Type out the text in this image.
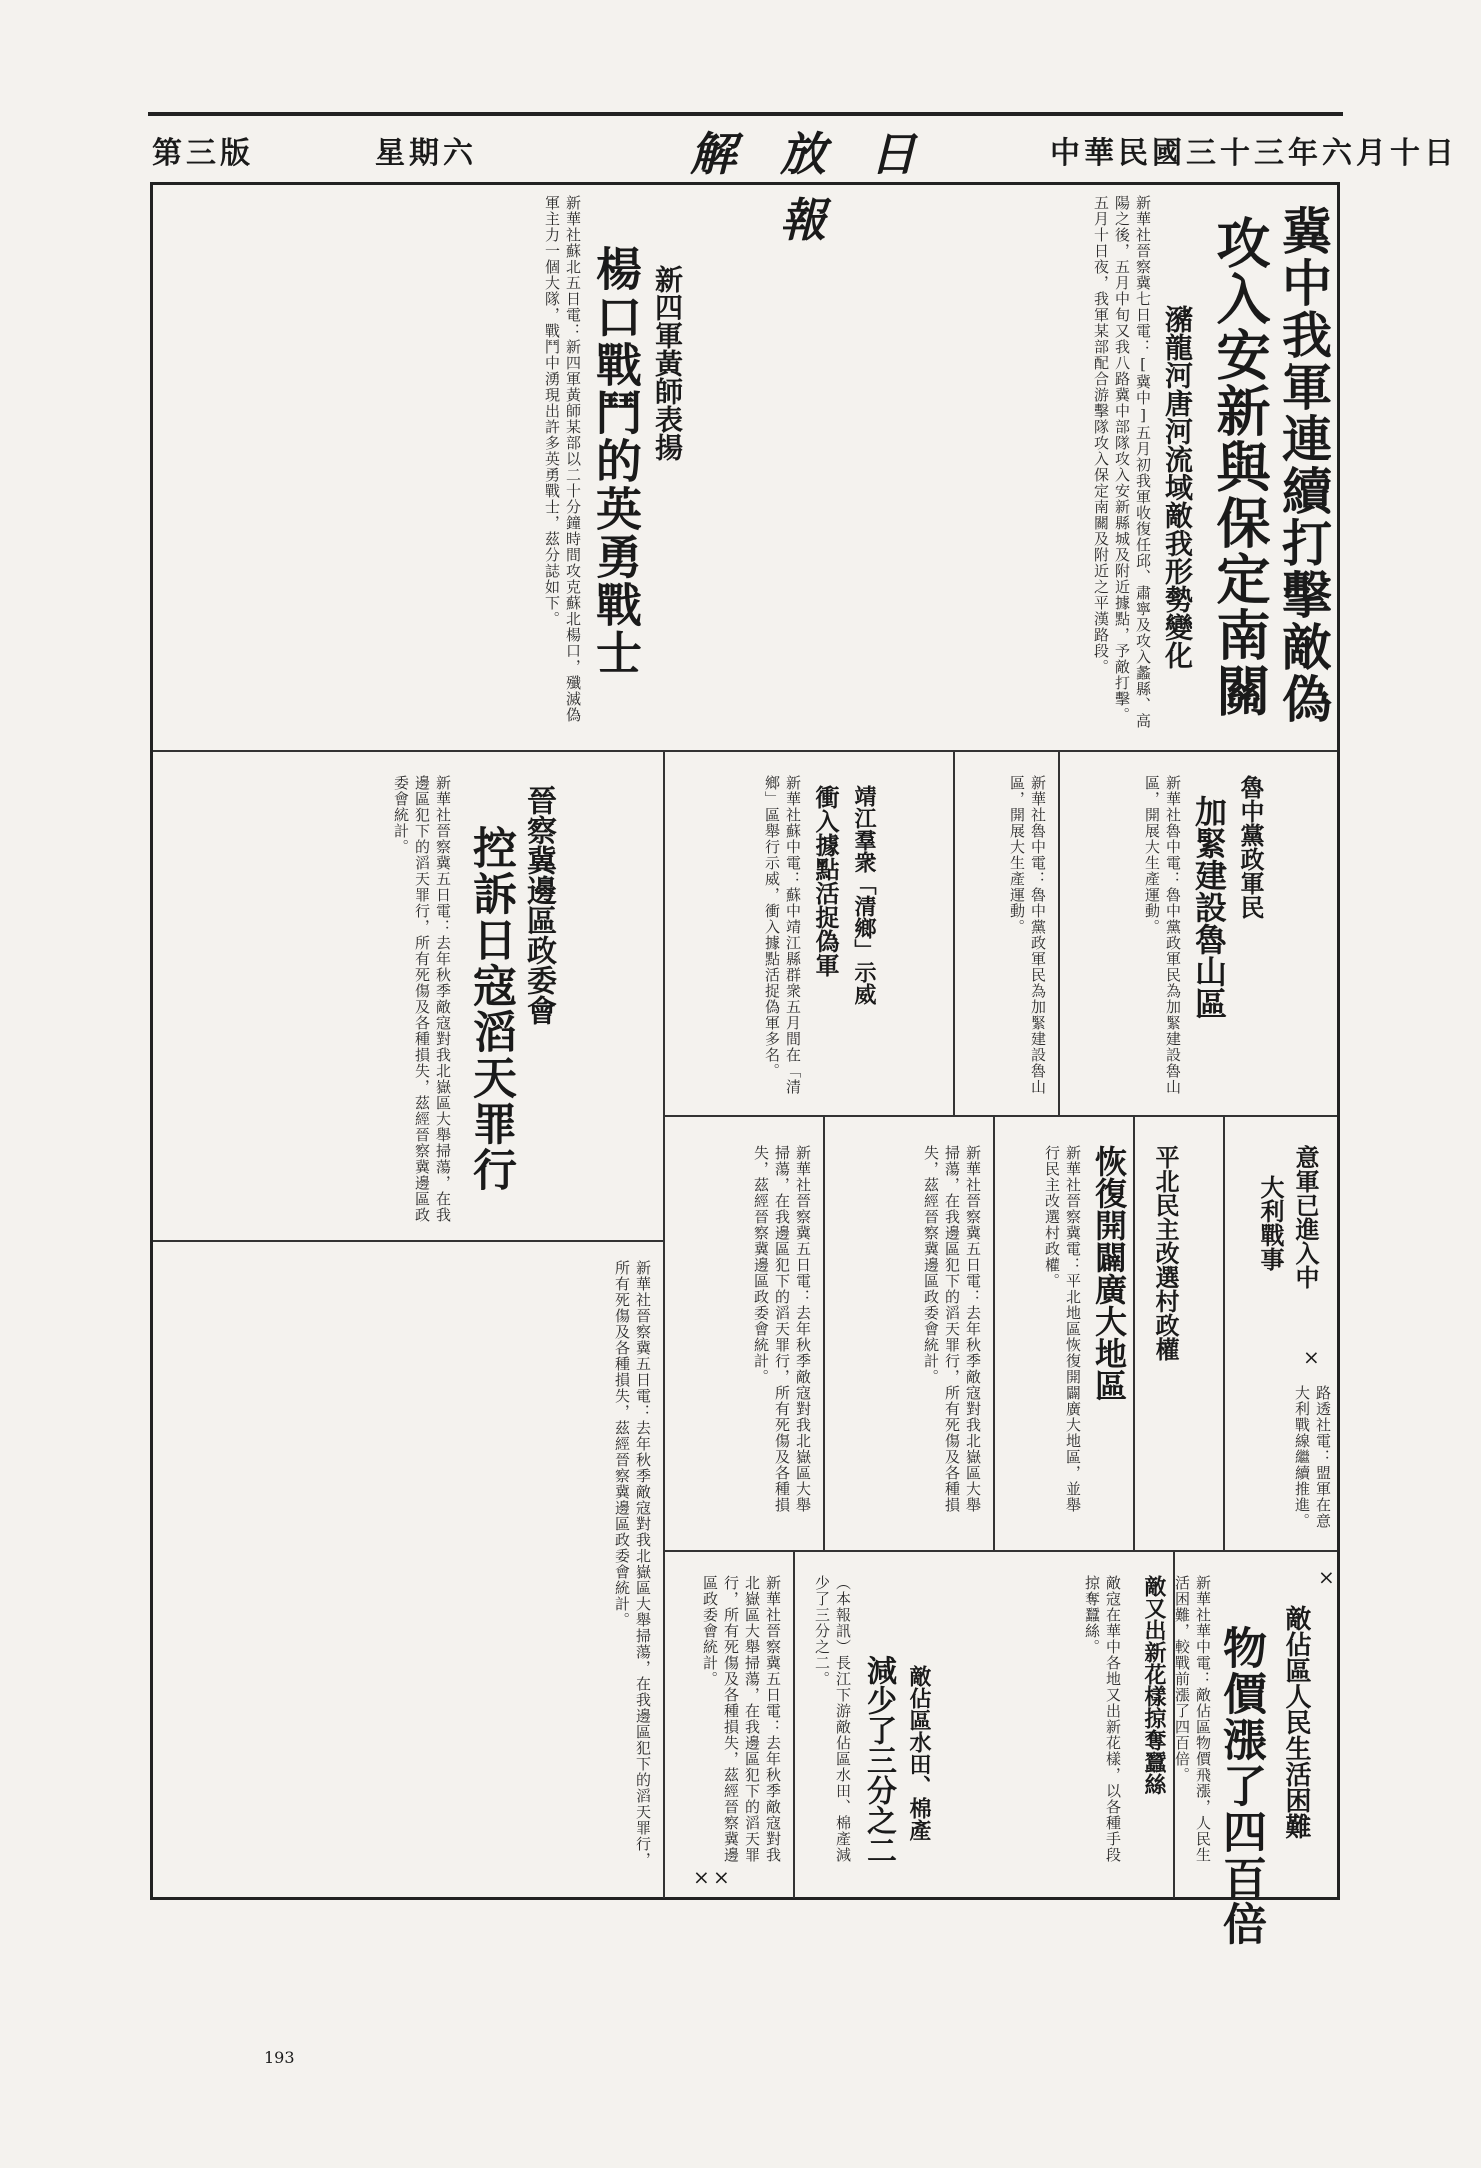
中華民國三十三年六月十日
解 放 日 報
星期六
第三版
冀中我軍連續打擊敵偽
攻入安新與保定南關
瀦龍河唐河流域敵我形勢變化
新華社晉察冀七日電：[冀中]五月初我軍收復任邱、肅寧及攻入蠡縣、高陽之後，五月中旬又我八路冀中部隊攻入安新縣城及附近據點，予敵打擊。五月十日夜，我軍某部配合游擊隊攻入保定南關及附近之平漢路段。
楊口戰鬥的英勇戰士 新四軍黃師表揚
新華社蘇北五日電：新四軍黃師某部以二十分鐘時間攻克蘇北楊口，殲滅偽軍主力一個大隊，戰鬥中湧現出許多英勇戰士，茲分誌如下。
晉察冀邊區政委會
控訴日寇滔天罪行
新華社晉察冀五日電：去年秋季敵寇對我北嶽區大舉掃蕩，在我邊區犯下的滔天罪行，所有死傷及各種損失，茲經晉察冀邊區政委會統計。	靖江羣衆「清鄉」示威
衝入據點活捉偽軍
新華社蘇中電：蘇中靖江縣群衆五月間在「清鄉」區舉行示威，衝入據點活捉偽軍多名。	魯中黨政軍民
加緊建設魯山區
新華社魯中電：魯中黨政軍民為加緊建設魯山區，開展大生產運動。
新華社魯中電：魯中黨政軍民為加緊建設魯山區，開展大生產運動。
平北民主改選村政權
恢復開闢廣大地區
新華社晉察冀電：平北地區恢復開闢廣大地區，並舉行民主改選村政權。
新華社晉察冀五日電：去年秋季敵寇對我北嶽區大舉掃蕩，在我邊區犯下的滔天罪行，所有死傷及各種損失，茲經晉察冀邊區政委會統計。	新華社晉察冀五日電：去年秋季敵寇對我北嶽區大舉掃蕩，在我邊區犯下的滔天罪行，所有死傷及各種損失，茲經晉察冀邊區政委會統計。	意軍已進入中
大利戰事
路透社電：盟軍在意大利戰線繼續推進。
敵佔區人民生活困難
物價漲了四百倍
新華社華中電：敵佔區物價飛漲，人民生活困難，較戰前漲了四百倍。
敵又出新花樣掠奪蠶絲
敵寇在華中各地又出新花樣，以各種手段掠奪蠶絲。
敵佔區水田、棉產
減少了三分之二
（本報訊）長江下游敵佔區水田、棉產減少了三分之二。
新華社晉察冀五日電：去年秋季敵寇對我北嶽區大舉掃蕩，在我邊區犯下的滔天罪行，所有死傷及各種損失，茲經晉察冀邊區政委會統計。
新華社晉察冀五日電：去年秋季敵寇對我北嶽區大舉掃蕩，在我邊區犯下的滔天罪行，所有死傷及各種損失，茲經晉察冀邊區政委會統計。	×
×
× ×
193
